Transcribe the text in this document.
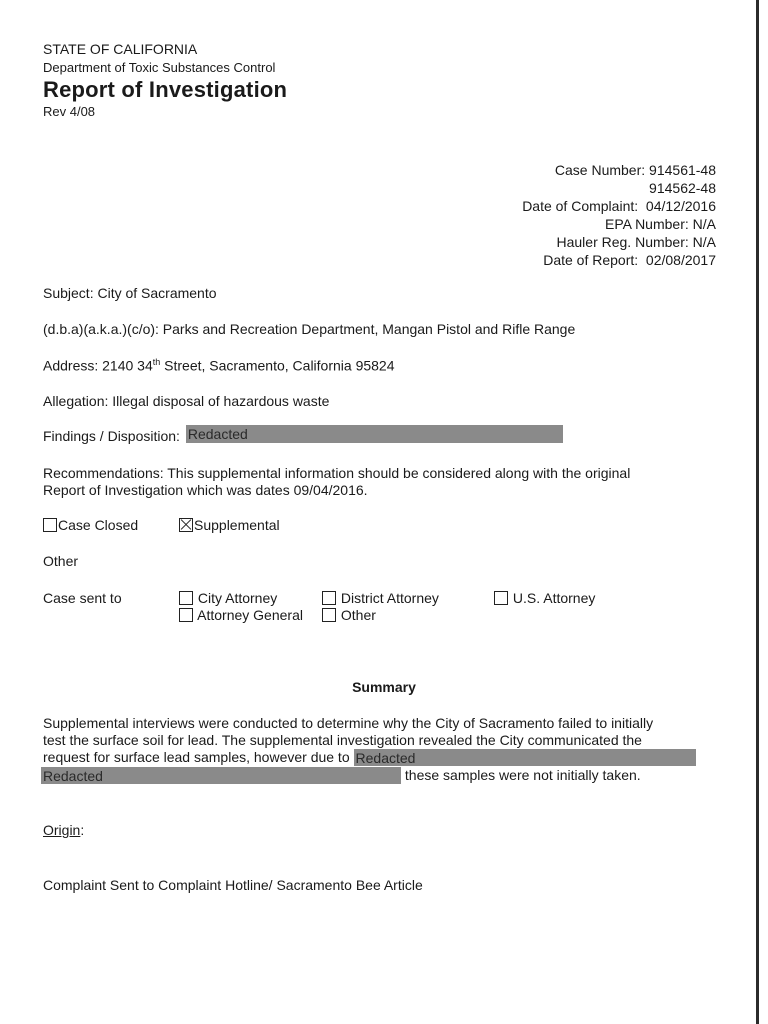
STATE OF CALIFORNIA
Department of Toxic Substances Control
Report of Investigation
Rev 4/08
Case Number: 914561-48
914562-48
Date of Complaint: 04/12/2016
EPA Number: N/A
Hauler Reg. Number: N/A
Date of Report: 02/08/2017
Subject: City of Sacramento
(d.b.a)(a.k.a.)(c/o): Parks and Recreation Department, Mangan Pistol and Rifle Range
Address: 2140 34th Street, Sacramento, California 95824
Allegation: Illegal disposal of hazardous waste
Findings / Disposition: Redacted
Recommendations: This supplemental information should be considered along with the original
Report of Investigation which was dates 09/04/2016.
Case Closed	Supplemental
Other
Case sent to	City Attorney
Attorney General
District Attorney
Other
U.S. Attorney
Summary
Supplemental interviews were conducted to determine why the City of Sacramento failed to initially
test the surface soil for lead. The supplemental investigation revealed the City communicated the
request for surface lead samples, however due to Redacted
Redacted	these samples were not initially taken.
Origin:
Complaint Sent to Complaint Hotline/ Sacramento Bee Article
